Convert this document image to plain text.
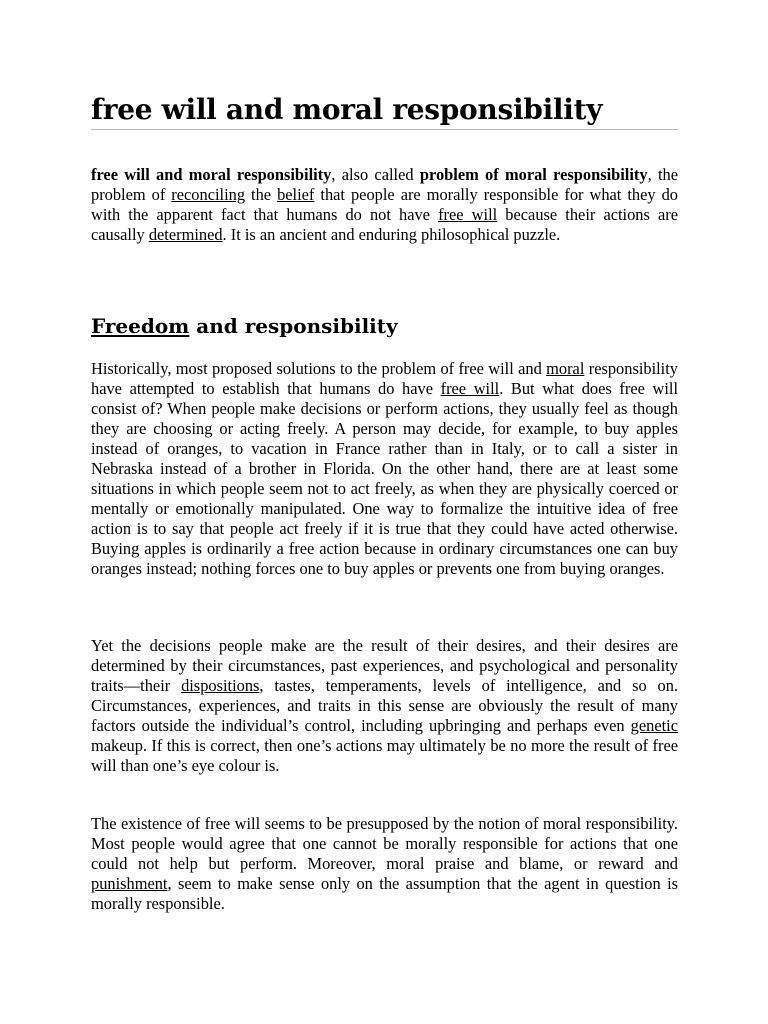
free will and moral responsibility

free will and moral responsibility, also called problem of moral responsibility, the problem of reconciling the belief that people are morally responsible for what they do with the apparent fact that humans do not have free will because their actions are causally determined. It is an ancient and enduring philosophical puzzle.

Freedom and responsibility

Historically, most proposed solutions to the problem of free will and moral responsibility have attempted to establish that humans do have free will. But what does free will consist of? When people make decisions or perform actions, they usually feel as though they are choosing or acting freely. A person may decide, for example, to buy apples instead of oranges, to vacation in France rather than in Italy, or to call a sister in Nebraska instead of a brother in Florida. On the other hand, there are at least some situations in which people seem not to act freely, as when they are physically coerced or mentally or emotionally manipulated. One way to formalize the intuitive idea of free action is to say that people act freely if it is true that they could have acted otherwise. Buying apples is ordinarily a free action because in ordinary circumstances one can buy oranges instead; nothing forces one to buy apples or prevents one from buying oranges.

Yet the decisions people make are the result of their desires, and their desires are determined by their circumstances, past experiences, and psychological and personality traits—their dispositions, tastes, temperaments, levels of intelligence, and so on. Circumstances, experiences, and traits in this sense are obviously the result of many factors outside the individual’s control, including upbringing and perhaps even genetic makeup. If this is correct, then one’s actions may ultimately be no more the result of free will than one’s eye colour is.

The existence of free will seems to be presupposed by the notion of moral responsibility. Most people would agree that one cannot be morally responsible for actions that one could not help but perform. Moreover, moral praise and blame, or reward and punishment, seem to make sense only on the assumption that the agent in question is morally responsible.
